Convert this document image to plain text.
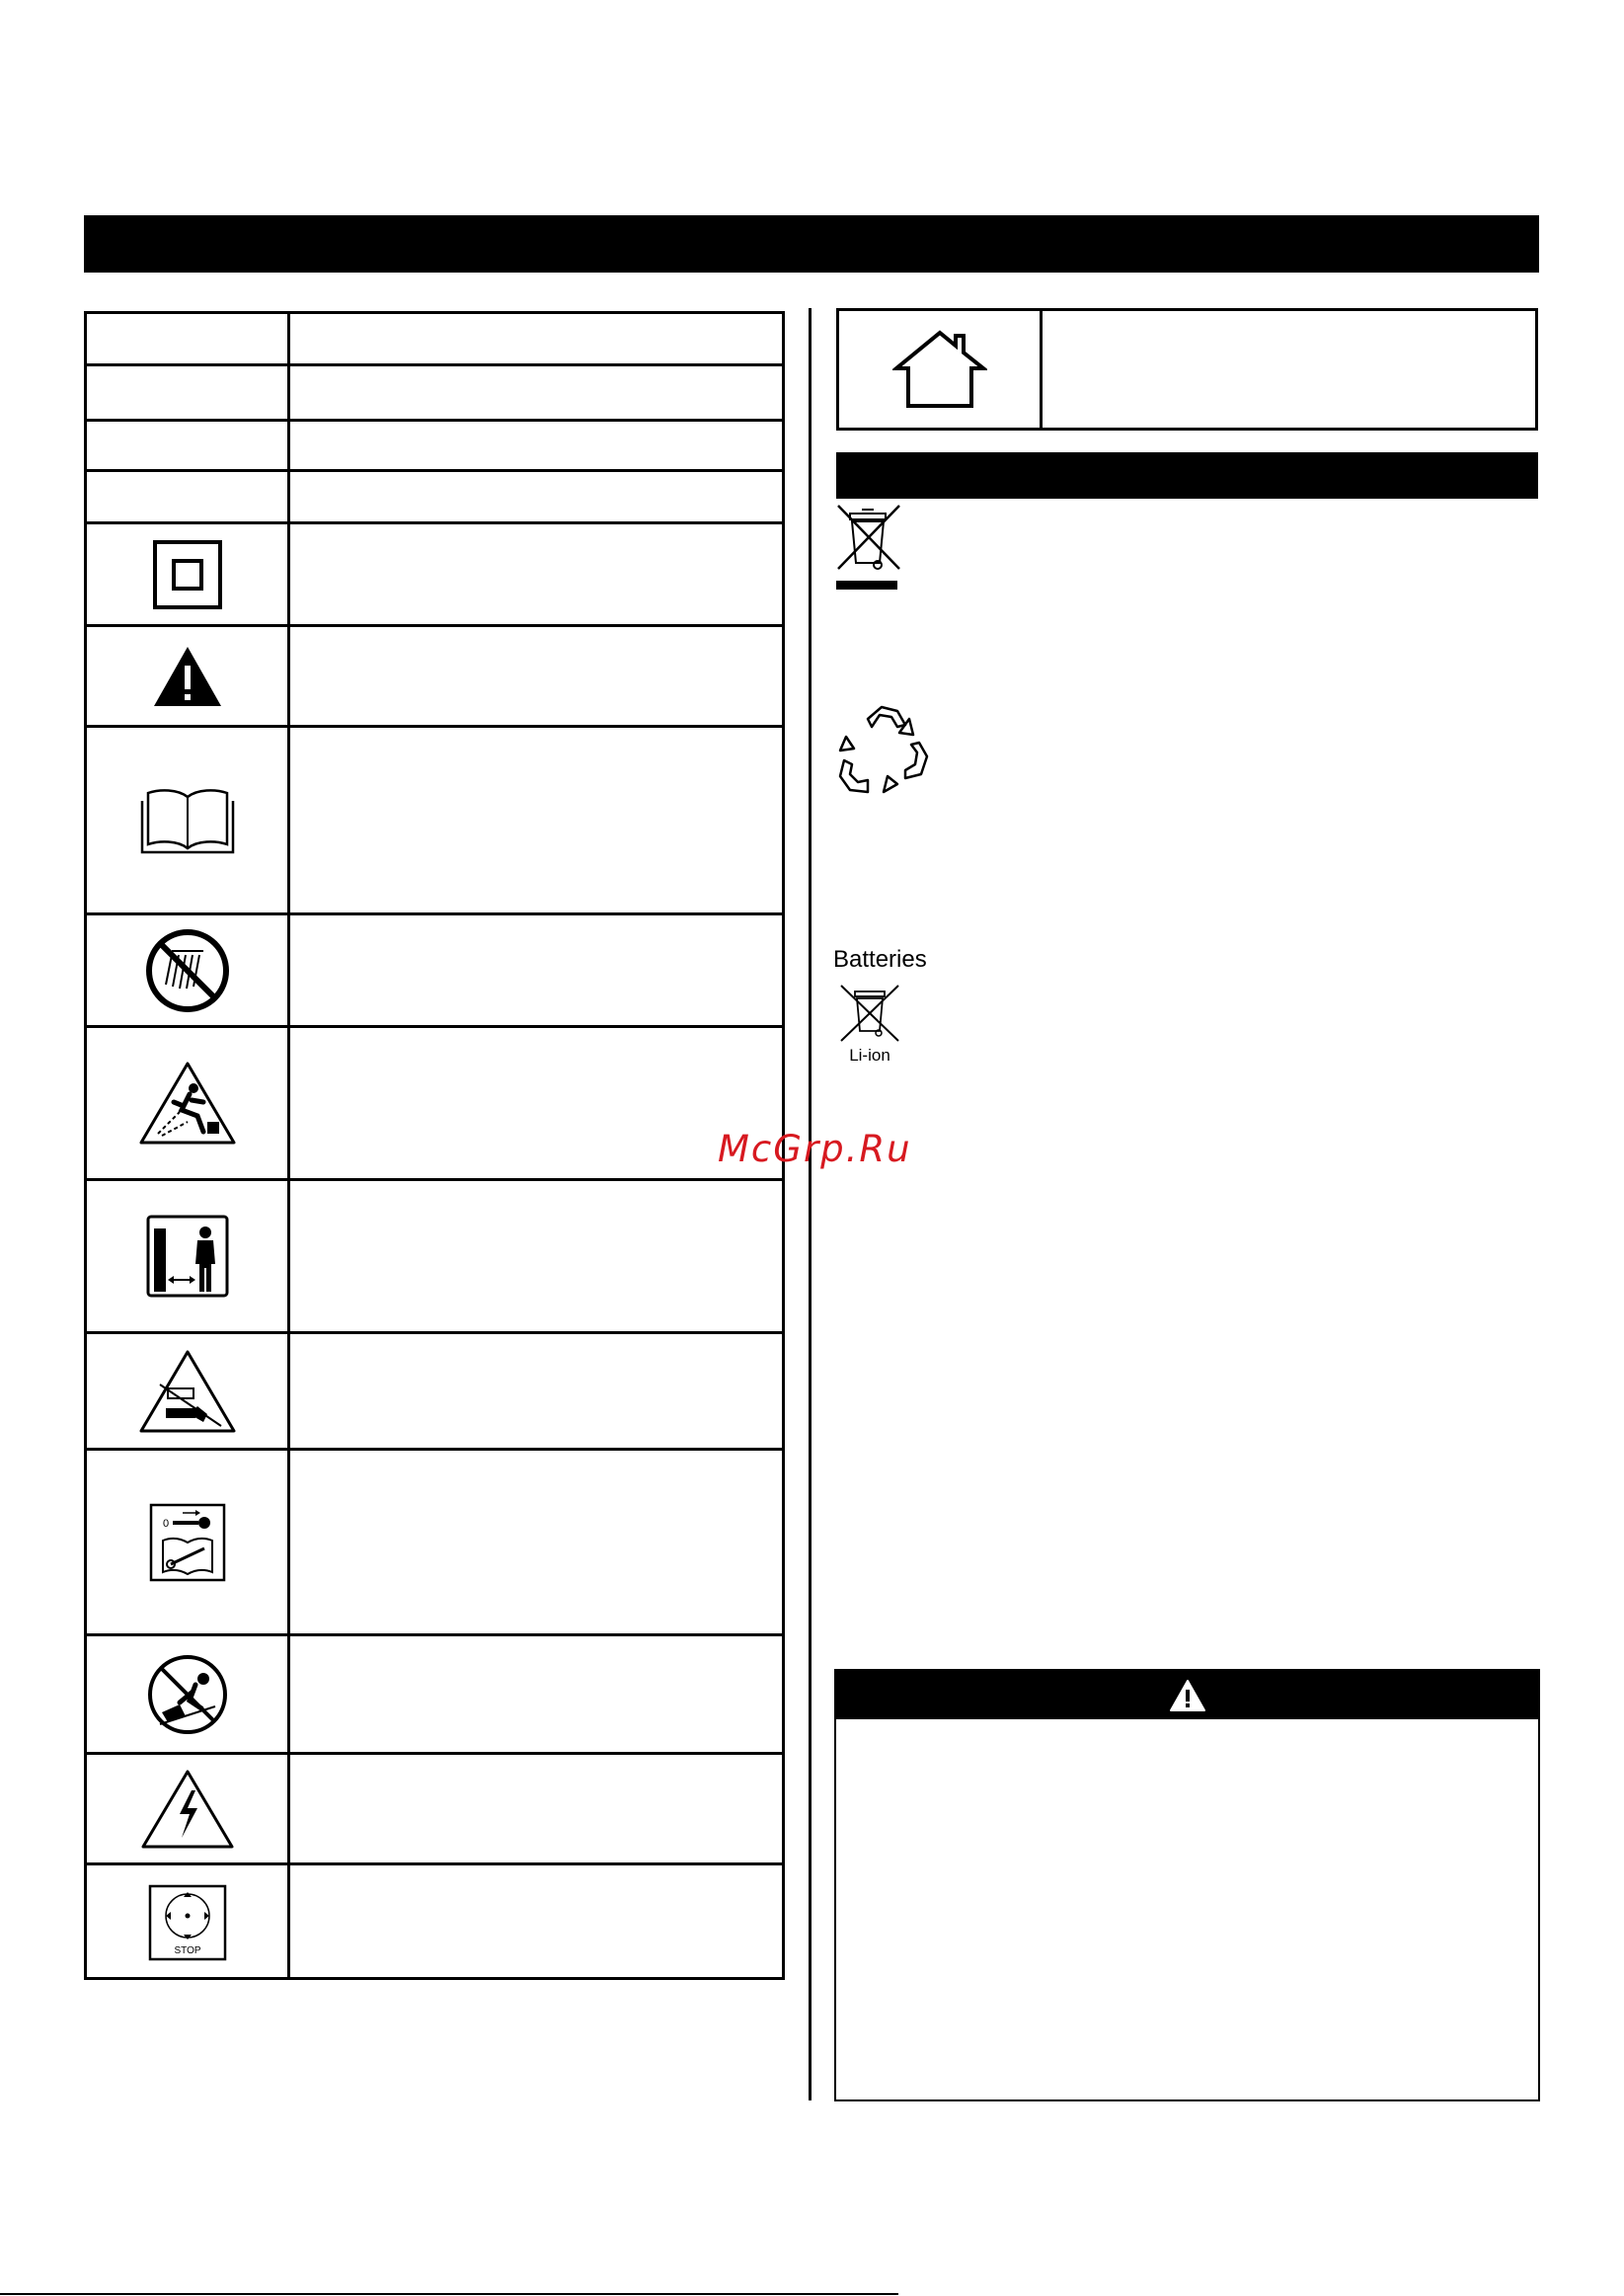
0
STOP
Batteries
Li-ion
McGrp.Ru
